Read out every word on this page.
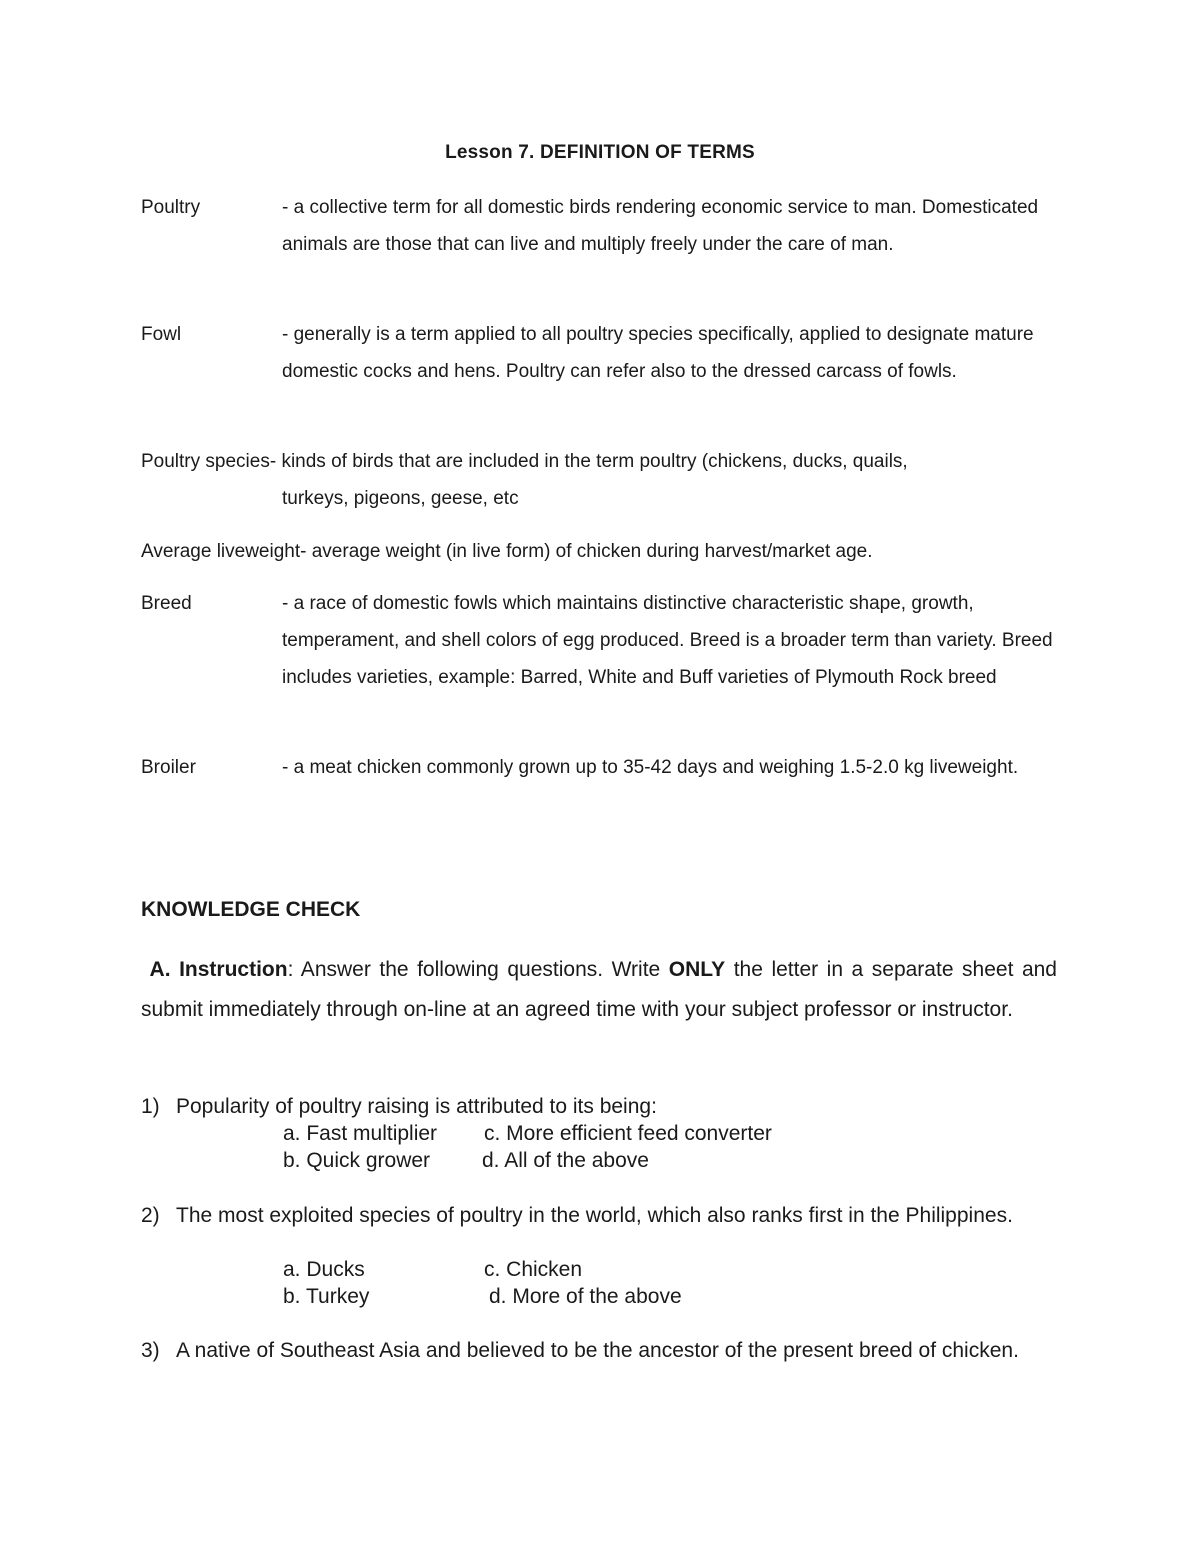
Lesson 7. DEFINITION OF TERMS
Poultry	- a collective term for all domestic birds rendering economic service to man. Domesticated animals are those that can live and multiply freely under the care of man.
Fowl	- generally is a term applied to all poultry species specifically, applied to designate mature domestic cocks and hens. Poultry can refer also to the dressed carcass of fowls.
Poultry species- kinds of birds that are included in the term poultry (chickens, ducks, quails,
turkeys, pigeons, geese, etc
Average liveweight- average weight (in live form) of chicken during harvest/market age.
Breed	- a race of domestic fowls which maintains distinctive characteristic shape, growth, temperament, and shell colors of egg produced. Breed is a broader term than variety. Breed includes varieties, example: Barred, White and Buff varieties of Plymouth Rock breed
Broiler	- a meat chicken commonly grown up to 35-42 days and weighing 1.5-2.0 kg liveweight.
KNOWLEDGE CHECK
A. Instruction: Answer the following questions. Write ONLY the letter in a separate sheet and submit immediately through on-line at an agreed time with your subject professor or instructor.
1) Popularity of poultry raising is attributed to its being:
a. Fast multiplier c. More efficient feed converter
b. Quick grower d. All of the above
2) The most exploited species of poultry in the world, which also ranks first in the Philippines.
a. Ducks	c. Chicken
b. Turkey	d. More of the above
3) A native of Southeast Asia and believed to be the ancestor of the present breed of chicken.
